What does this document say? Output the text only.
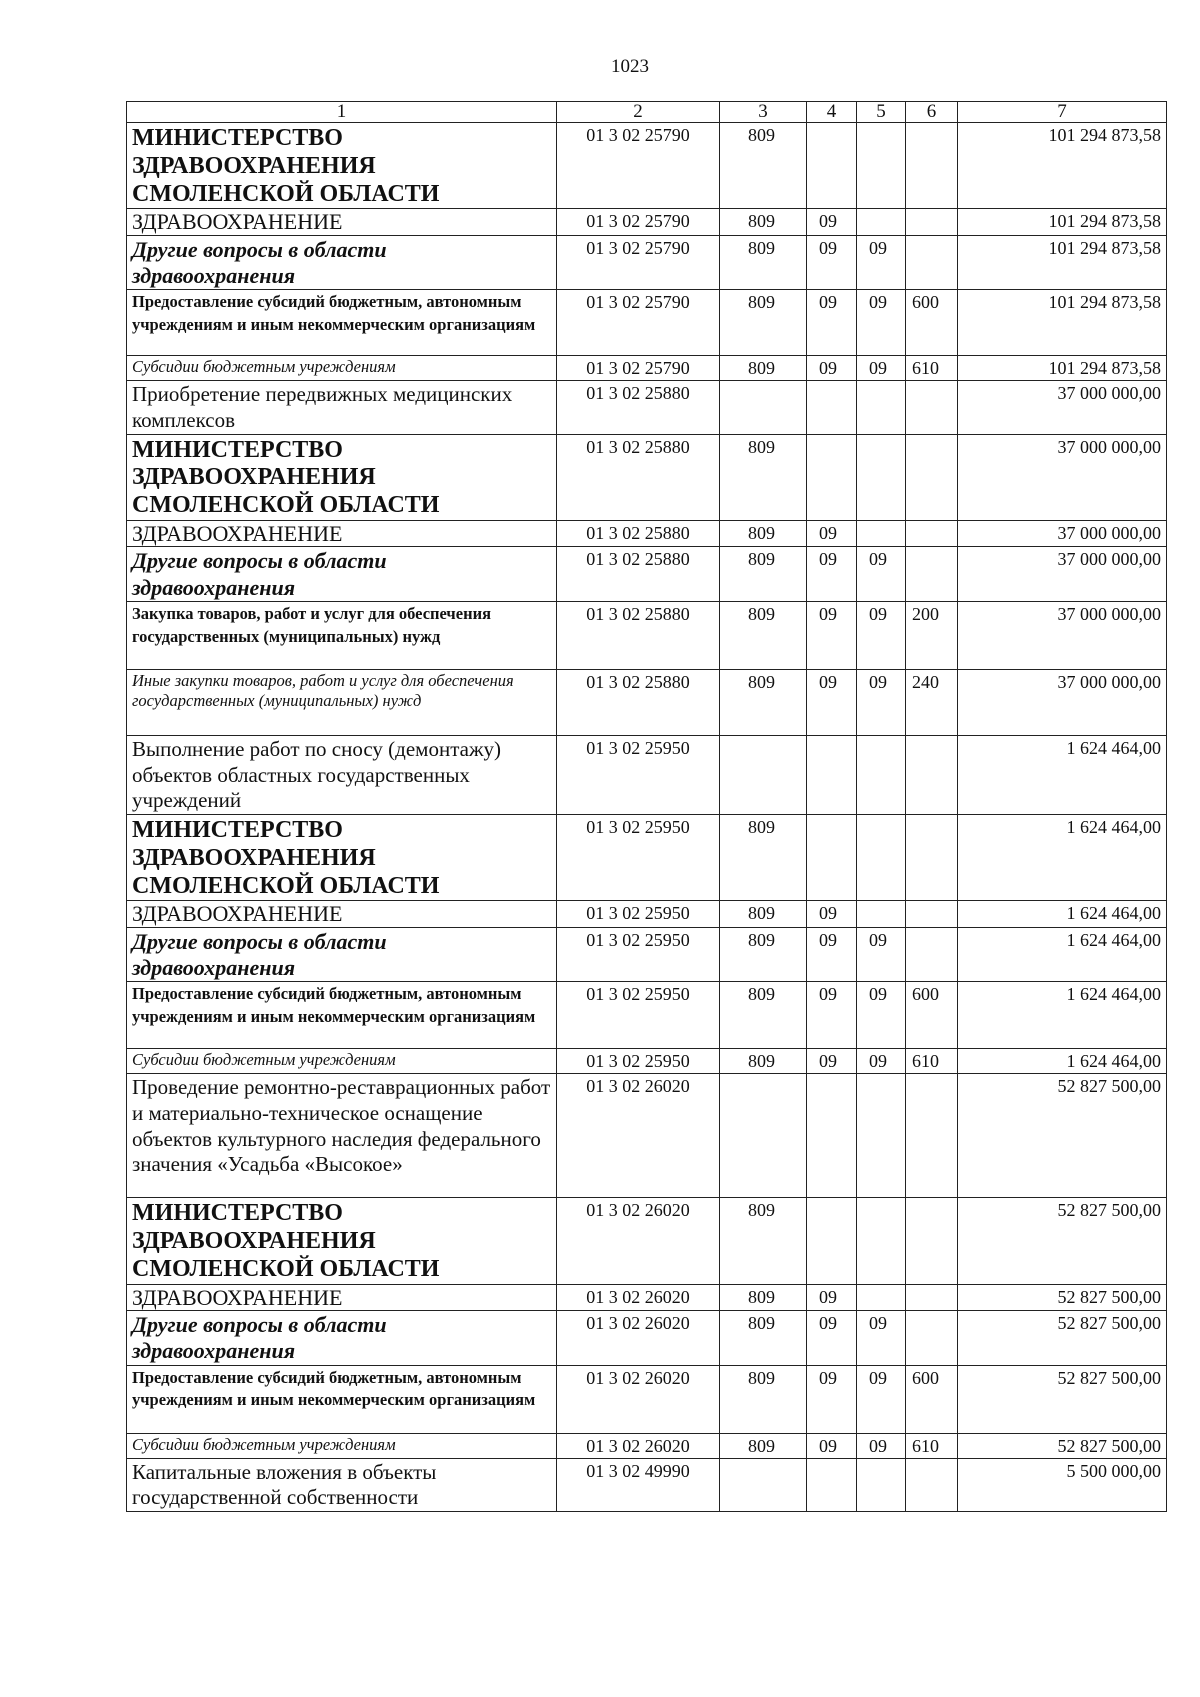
1023
1	2	3	4	5	6	7
МИНИСТЕРСТВО ЗДРАВООХРАНЕНИЯ СМОЛЕНСКОЙ ОБЛАСТИ	01 3 02 25790	809				101 294 873,58
ЗДРАВООХРАНЕНИЕ	01 3 02 25790	809	09			101 294 873,58
Другие вопросы в области здравоохранения	01 3 02 25790	809	09	09		101 294 873,58
Предоставление субсидий бюджетным, автономным учреждениям и иным некоммерческим организациям	01 3 02 25790	809	09	09	600	101 294 873,58
Субсидии бюджетным учреждениям	01 3 02 25790	809	09	09	610	101 294 873,58
Приобретение передвижных медицинских комплексов	01 3 02 25880					37 000 000,00
МИНИСТЕРСТВО ЗДРАВООХРАНЕНИЯ СМОЛЕНСКОЙ ОБЛАСТИ	01 3 02 25880	809				37 000 000,00
ЗДРАВООХРАНЕНИЕ	01 3 02 25880	809	09			37 000 000,00
Другие вопросы в области здравоохранения	01 3 02 25880	809	09	09		37 000 000,00
Закупка товаров, работ и услуг для обеспечения государственных (муниципальных) нужд	01 3 02 25880	809	09	09	200	37 000 000,00
Иные закупки товаров, работ и услуг для обеспечения государственных (муниципальных) нужд	01 3 02 25880	809	09	09	240	37 000 000,00
Выполнение работ по сносу (демонтажу) объектов областных государственных учреждений	01 3 02 25950					1 624 464,00
МИНИСТЕРСТВО ЗДРАВООХРАНЕНИЯ СМОЛЕНСКОЙ ОБЛАСТИ	01 3 02 25950	809				1 624 464,00
ЗДРАВООХРАНЕНИЕ	01 3 02 25950	809	09			1 624 464,00
Другие вопросы в области здравоохранения	01 3 02 25950	809	09	09		1 624 464,00
Предоставление субсидий бюджетным, автономным учреждениям и иным некоммерческим организациям	01 3 02 25950	809	09	09	600	1 624 464,00
Субсидии бюджетным учреждениям	01 3 02 25950	809	09	09	610	1 624 464,00
Проведение ремонтно-реставрационных работ и материально-техническое оснащение объектов культурного наследия федерального значения «Усадьба «Высокое»	01 3 02 26020					52 827 500,00
МИНИСТЕРСТВО ЗДРАВООХРАНЕНИЯ СМОЛЕНСКОЙ ОБЛАСТИ	01 3 02 26020	809				52 827 500,00
ЗДРАВООХРАНЕНИЕ	01 3 02 26020	809	09			52 827 500,00
Другие вопросы в области здравоохранения	01 3 02 26020	809	09	09		52 827 500,00
Предоставление субсидий бюджетным, автономным учреждениям и иным некоммерческим организациям	01 3 02 26020	809	09	09	600	52 827 500,00
Субсидии бюджетным учреждениям	01 3 02 26020	809	09	09	610	52 827 500,00
Капитальные вложения в объекты государственной собственности	01 3 02 49990					5 500 000,00
